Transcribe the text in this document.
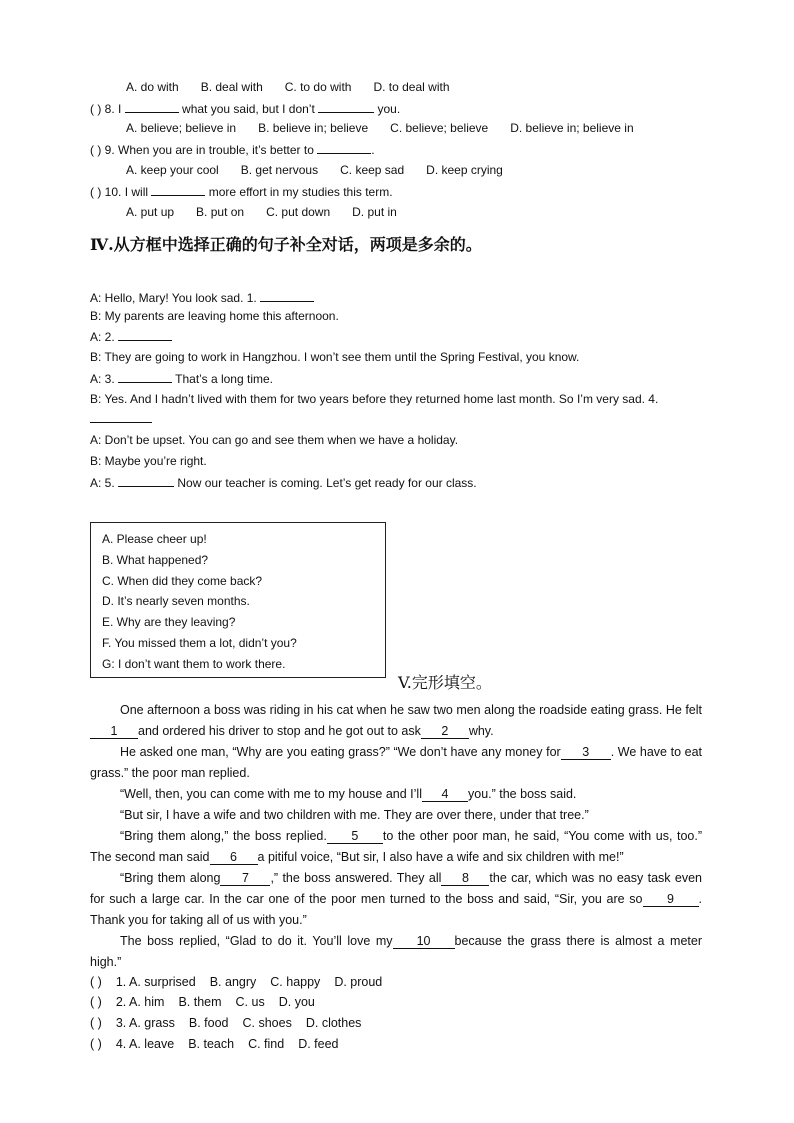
A. do with B. deal with C. to do with D. to deal with
( ) 8. I	what you said, but I don’t	you.
A. believe; believe in B. believe in; believe C. believe; believe D. believe in; believe in
( ) 9. When you are in trouble, it’s better to	.
A. keep your cool B. get nervous C. keep sad D. keep crying
( ) 10. I will	more effort in my studies this term.
A. put up B. put on C. put down D. put in
Ⅳ.从方框中选择正确的句子补全对话，两项是多余的。
A: Hello, Mary! You look sad. 1.
B: My parents are leaving home this afternoon.
A: 2.
B: They are going to work in Hangzhou. I won’t see them until the Spring Festival, you know.
A: 3.	That’s a long time.
B: Yes. And I hadn’t lived with them for two years before they returned home last month. So I’m very sad. 4.
A: Don’t be upset. You can go and see them when we have a holiday.
B: Maybe you’re right.
A: 5.	Now our teacher is coming. Let’s get ready for our class.
A. Please cheer up!
B. What happened?
C. When did they come back?
D. It’s nearly seven months.
E. Why are they leaving?
F. You missed them a lot, didn’t you?
G: I don’t want them to work there.
V.完形填空。

One afternoon a boss was riding in his cat when he saw two men along the roadside eating grass. He felt1 and ordered his driver to stop and he got out to ask 2 why.

He asked one man, “Why are you eating grass?” “We don’t have any money for 3 . We have to eat grass.” the poor man replied.

“Well, then, you can come with me to my house and I’ll 4 you.” the boss said.

“But sir, I have a wife and two children with me. They are over there, under that tree.”

“Bring them along,” the boss replied. 5 to the other poor man, he said, “You come with us, too.” The second man said 6 a pitiful voice, “But sir, I also have a wife and six children with me!”

“Bring them along 7 ,” the boss answered. They all 8 the car, which was no easy task even for such a large car. In the car one of the poor men turned to the boss and said, “Sir, you are so 9 . Thank you for taking all of us with you.”

The boss replied, “Glad to do it. You’ll love my 10 because the grass there is almost a meter high.”

( ) 1. A. surprised B. angry C. happy D. proud
( ) 2. A. him B. them C. us D. you
( ) 3. A. grass B. food C. shoes D. clothes
( ) 4. A. leave B. teach C. find D. feed
